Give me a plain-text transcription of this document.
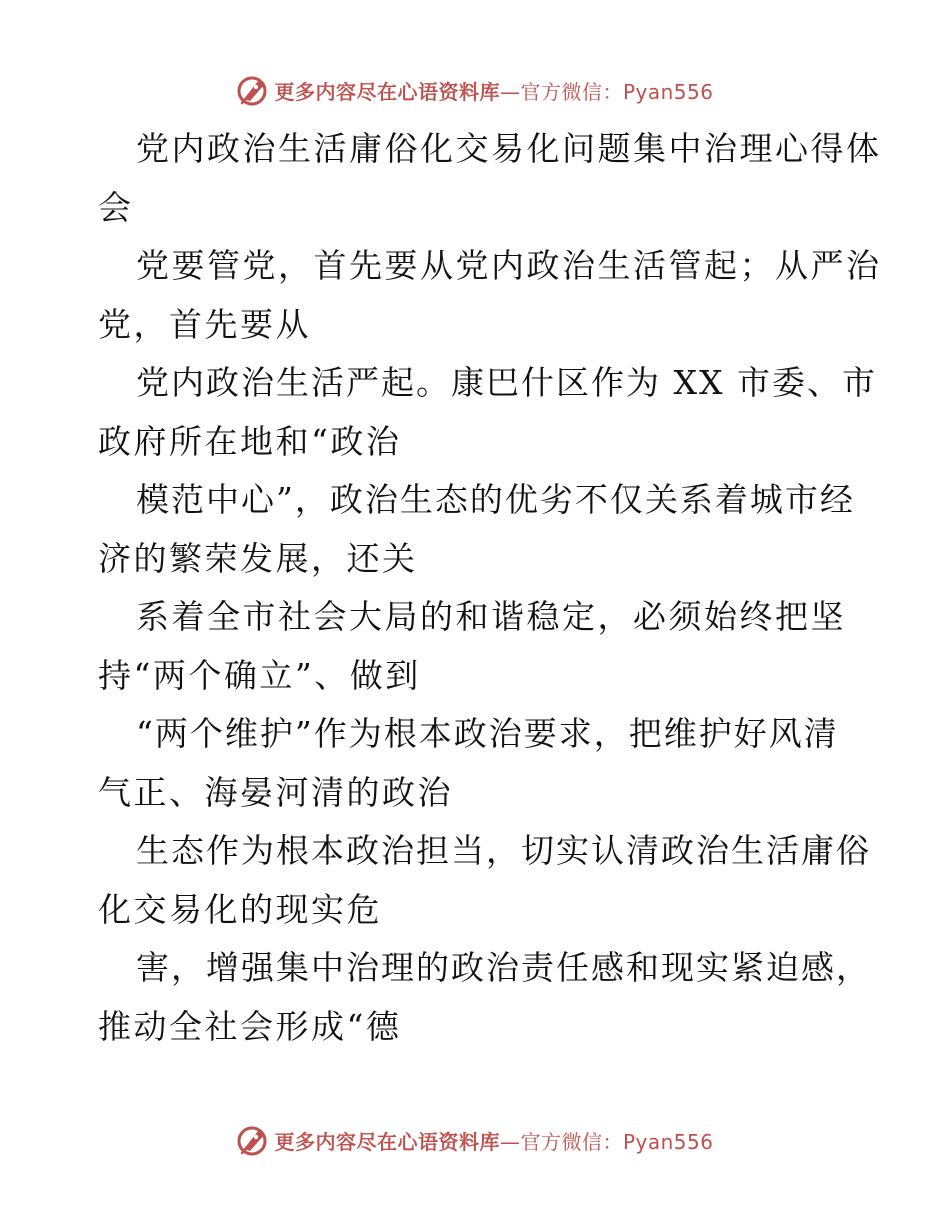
更多内容尽在心语资料库—官方微信：Pyan556

党内政治生活庸俗化交易化问题集中治理心得体

会

党要管党，首先要从党内政治生活管起；从严治

党，首先要从

党内政治生活严起。康巴什区作为 XX 市委、市

政府所在地和“政治

模范中心”，政治生态的优劣不仅关系着城市经

济的繁荣发展，还关

系着全市社会大局的和谐稳定，必须始终把坚

持“两个确立”、做到

“两个维护”作为根本政治要求，把维护好风清

气正、海晏河清的政治

生态作为根本政治担当，切实认清政治生活庸俗

化交易化的现实危

害，增强集中治理的政治责任感和现实紧迫感，

推动全社会形成“德

更多内容尽在心语资料库—官方微信：Pyan556
